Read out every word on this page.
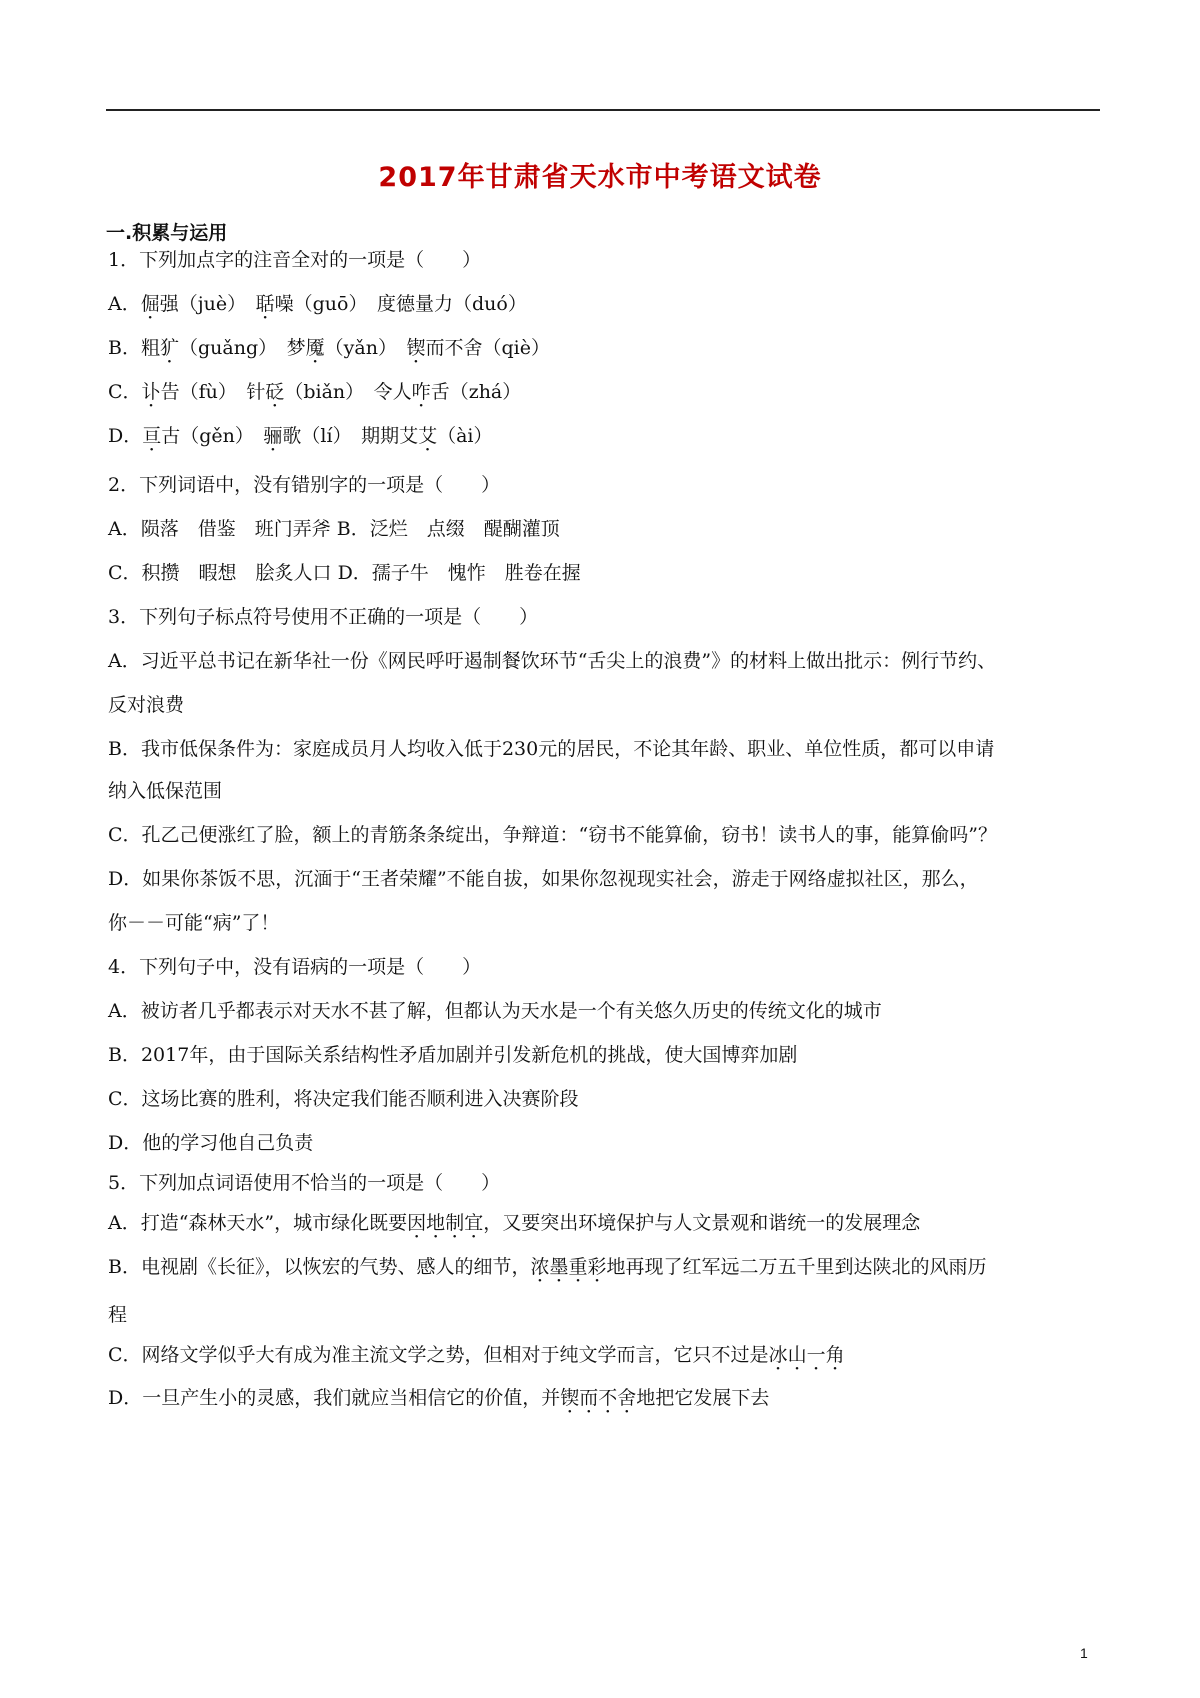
2017年甘肃省天水市中考语文试卷
一.积累与运用
1．下列加点字的注音全对的一项是（　　）
A．倔强（juè）　聒噪（guō）　度德量力（duó）
B．粗犷（guǎng）　梦魇（yǎn）　锲而不舍（qiè）
C．讣告（fù）　针砭（biǎn）　令人咋舌（zhá）
D．亘古（gěn）　骊歌（lí）　期期艾艾（ài）
2．下列词语中，没有错别字的一项是（　　）
A．陨落　借鉴　班门弄斧 B．泛烂　点缀　醍醐灌顶
C．积攒　暇想　脍炙人口 D．孺子牛　愧怍　胜卷在握
3．下列句子标点符号使用不正确的一项是（　　）
A．习近平总书记在新华社一份《网民呼吁遏制餐饮环节“舌尖上的浪费”》的材料上做出批示：例行节约、
反对浪费
B．我市低保条件为：家庭成员月人均收入低于230元的居民，不论其年龄、职业、单位性质，都可以申请
纳入低保范围
C．孔乙己便涨红了脸，额上的青筋条条绽出，争辩道：“窃书不能算偷，窃书！读书人的事，能算偷吗”？
D．如果你茶饭不思，沉湎于“王者荣耀”不能自拔，如果你忽视现实社会，游走于网络虚拟社区，那么，
你－－可能“病”了！
4．下列句子中，没有语病的一项是（　　）
A．被访者几乎都表示对天水不甚了解，但都认为天水是一个有关悠久历史的传统文化的城市
B．2017年，由于国际关系结构性矛盾加剧并引发新危机的挑战，使大国博弈加剧
C．这场比赛的胜利，将决定我们能否顺利进入决赛阶段
D．他的学习他自己负责
5．下列加点词语使用不恰当的一项是（　　）
A．打造“森林天水”，城市绿化既要因地制宜，又要突出环境保护与人文景观和谐统一的发展理念
B．电视剧《长征》，以恢宏的气势、感人的细节，浓墨重彩地再现了红军远二万五千里到达陕北的风雨历
程
C．网络文学似乎大有成为准主流文学之势，但相对于纯文学而言，它只不过是冰山一角
D．一旦产生小的灵感，我们就应当相信它的价值，并锲而不舍地把它发展下去
1
